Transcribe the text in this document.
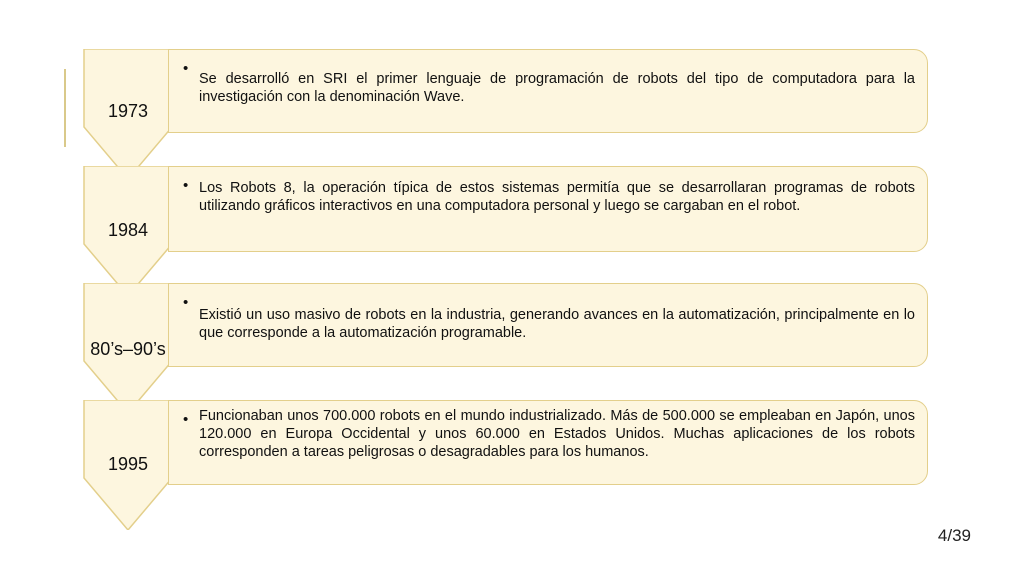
1973
•
Se desarrolló en SRI el primer lenguaje de programación de robots del tipo de computadora para la investigación con la denominación Wave.
1984
• Los Robots 8, la operación típica de estos sistemas permitía que se desarrollaran programas de robots utilizando gráficos interactivos en una computadora personal y luego se cargaban en el robot.
80’s–90’s
•
Existió un uso masivo de robots en la industria, generando avances en la automatización, principalmente en lo que corresponde a la automatización programable.
1995
• Funcionaban unos 700.000 robots en el mundo industrializado. Más de 500.000 se empleaban en Japón, unos 120.000 en Europa Occidental y unos 60.000 en Estados Unidos. Muchas aplicaciones de los robots corresponden a tareas peligrosas o desagradables para los humanos.
4/39
